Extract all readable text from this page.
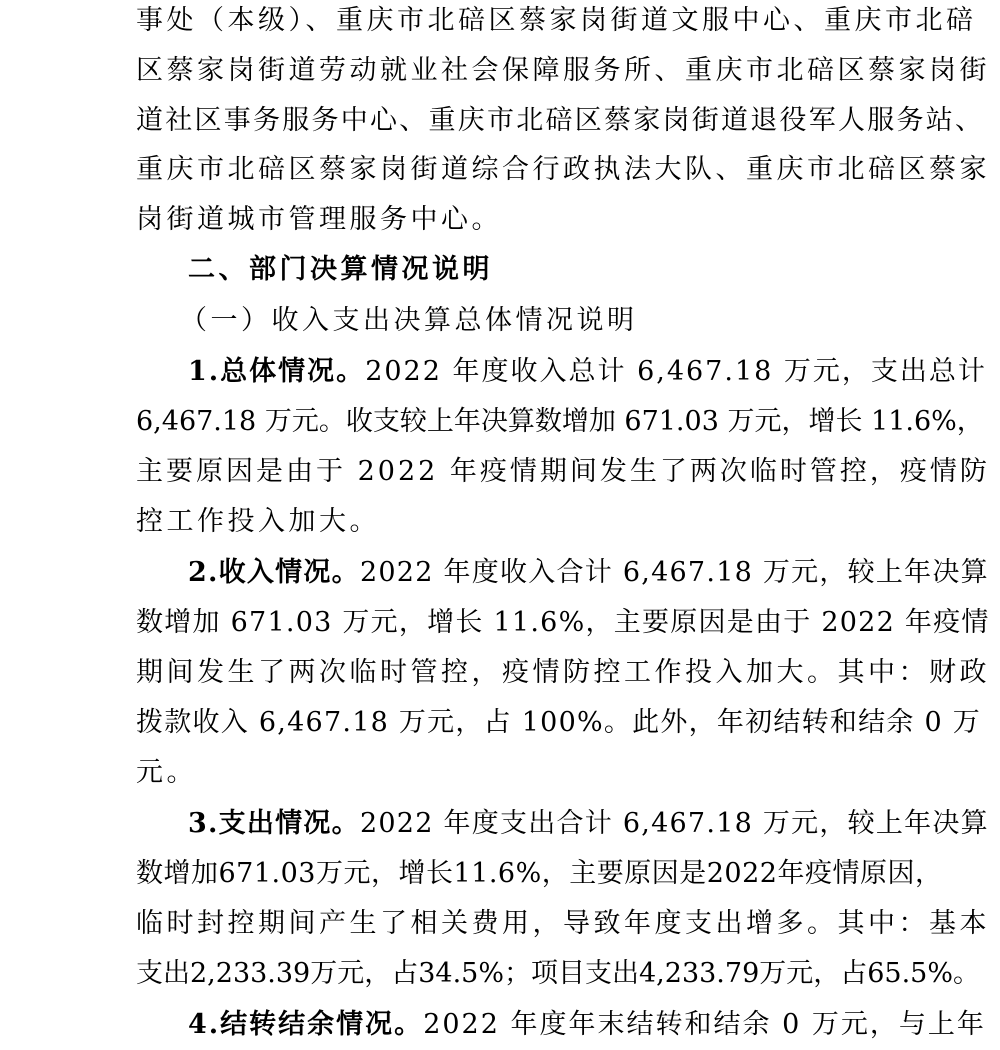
事处（本级）、重庆市北碚区蔡家岗街道文服中心、重庆市北碚
区蔡家岗街道劳动就业社会保障服务所、重庆市北碚区蔡家岗街
道社区事务服务中心、重庆市北碚区蔡家岗街道退役军人服务站、
重庆市北碚区蔡家岗街道综合行政执法大队、重庆市北碚区蔡家
岗街道城市管理服务中心。
二、部门决算情况说明
（一）收入支出决算总体情况说明
1.总体情况。2022 年度收入总计 6,467.18 万元，支出总计
6,467.18 万元。收支较上年决算数增加 671.03 万元，增长 11.6%，
主要原因是由于 2022 年疫情期间发生了两次临时管控，疫情防
控工作投入加大。
2.收入情况。2022 年度收入合计 6,467.18 万元，较上年决算
数增加 671.03 万元，增长 11.6%，主要原因是由于 2022 年疫情
期间发生了两次临时管控，疫情防控工作投入加大。其中：财政
拨款收入 6,467.18 万元，占 100%。此外，年初结转和结余 0 万
元。
3.支出情况。2022 年度支出合计 6,467.18 万元，较上年决算
数增加671.03万元，增长11.6%，主要原因是2022年疫情原因，
临时封控期间产生了相关费用，导致年度支出增多。其中：基本
支出2,233.39万元，占34.5%；项目支出4,233.79万元，占65.5%。
4.结转结余情况。2022 年度年末结转和结余 0 万元，与上年
